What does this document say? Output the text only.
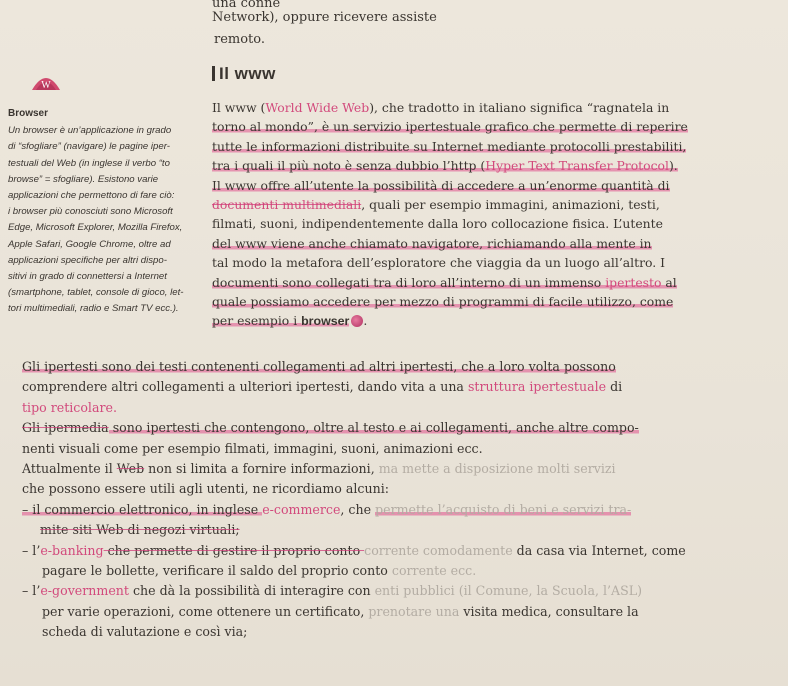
una conne
Network), oppure ricevere assiste
remoto.
W
Il www
Browser
Un browser è un’applicazione in grado
di “sfogliare” (navigare) le pagine iper-
testuali del Web (in inglese il verbo “to
browse” = sfogliare). Esistono varie
applicazioni che permettono di fare ciò:
i browser più conosciuti sono Microsoft
Edge, Microsoft Explorer, Mozilla Firefox,
Apple Safari, Google Chrome, oltre ad
applicazioni specifiche per altri dispo-
sitivi in grado di connettersi a Internet
(smartphone, tablet, console di gioco, let-
tori multimediali, radio e Smart TV ecc.).
Il www (World Wide Web), che tradotto in italiano significa “ragnatela in
torno al mondo”, è un servizio ipertestuale grafico che permette di reperire
tutte le informazioni distribuite su Internet mediante protocolli prestabiliti,
tra i quali il più noto è senza dubbio l’http (Hyper Text Transfer Protocol).
Il www offre all’utente la possibilità di accedere a un’enorme quantità di
documenti multimediali, quali per esempio immagini, animazioni, testi,
filmati, suoni, indipendentemente dalla loro collocazione fisica. L’utente
del www viene anche chiamato navigatore, richiamando alla mente in
tal modo la metafora dell’esploratore che viaggia da un luogo all’altro. I
documenti sono collegati tra di loro all’interno di un immenso ipertesto al
quale possiamo accedere per mezzo di programmi di facile utilizzo, come
per esempio i browser .
Gli ipertesti sono dei testi contenenti collegamenti ad altri ipertesti, che a loro volta possono
comprendere altri collegamenti a ulteriori ipertesti, dando vita a una struttura ipertestuale di
tipo reticolare.
Gli ipermedia sono ipertesti che contengono, oltre al testo e ai collegamenti, anche altre compo-
nenti visuali come per esempio filmati, immagini, suoni, animazioni ecc.
Attualmente il Web non si limita a fornire informazioni, ma mette a disposizione molti servizi
che possono essere utili agli utenti, ne ricordiamo alcuni:
– il commercio elettronico, in inglese e-commerce, che permette l’acquisto di beni e servizi tra-
mite siti Web di negozi virtuali;
– l’e-banking che permette di gestire il proprio conto corrente comodamente da casa via Internet, come
pagare le bollette, verificare il saldo del proprio conto corrente ecc.
– l’e-government che dà la possibilità di interagire con enti pubblici (il Comune, la Scuola, l’ASL)
per varie operazioni, come ottenere un certificato, prenotare una visita medica, consultare la
scheda di valutazione e così via;
